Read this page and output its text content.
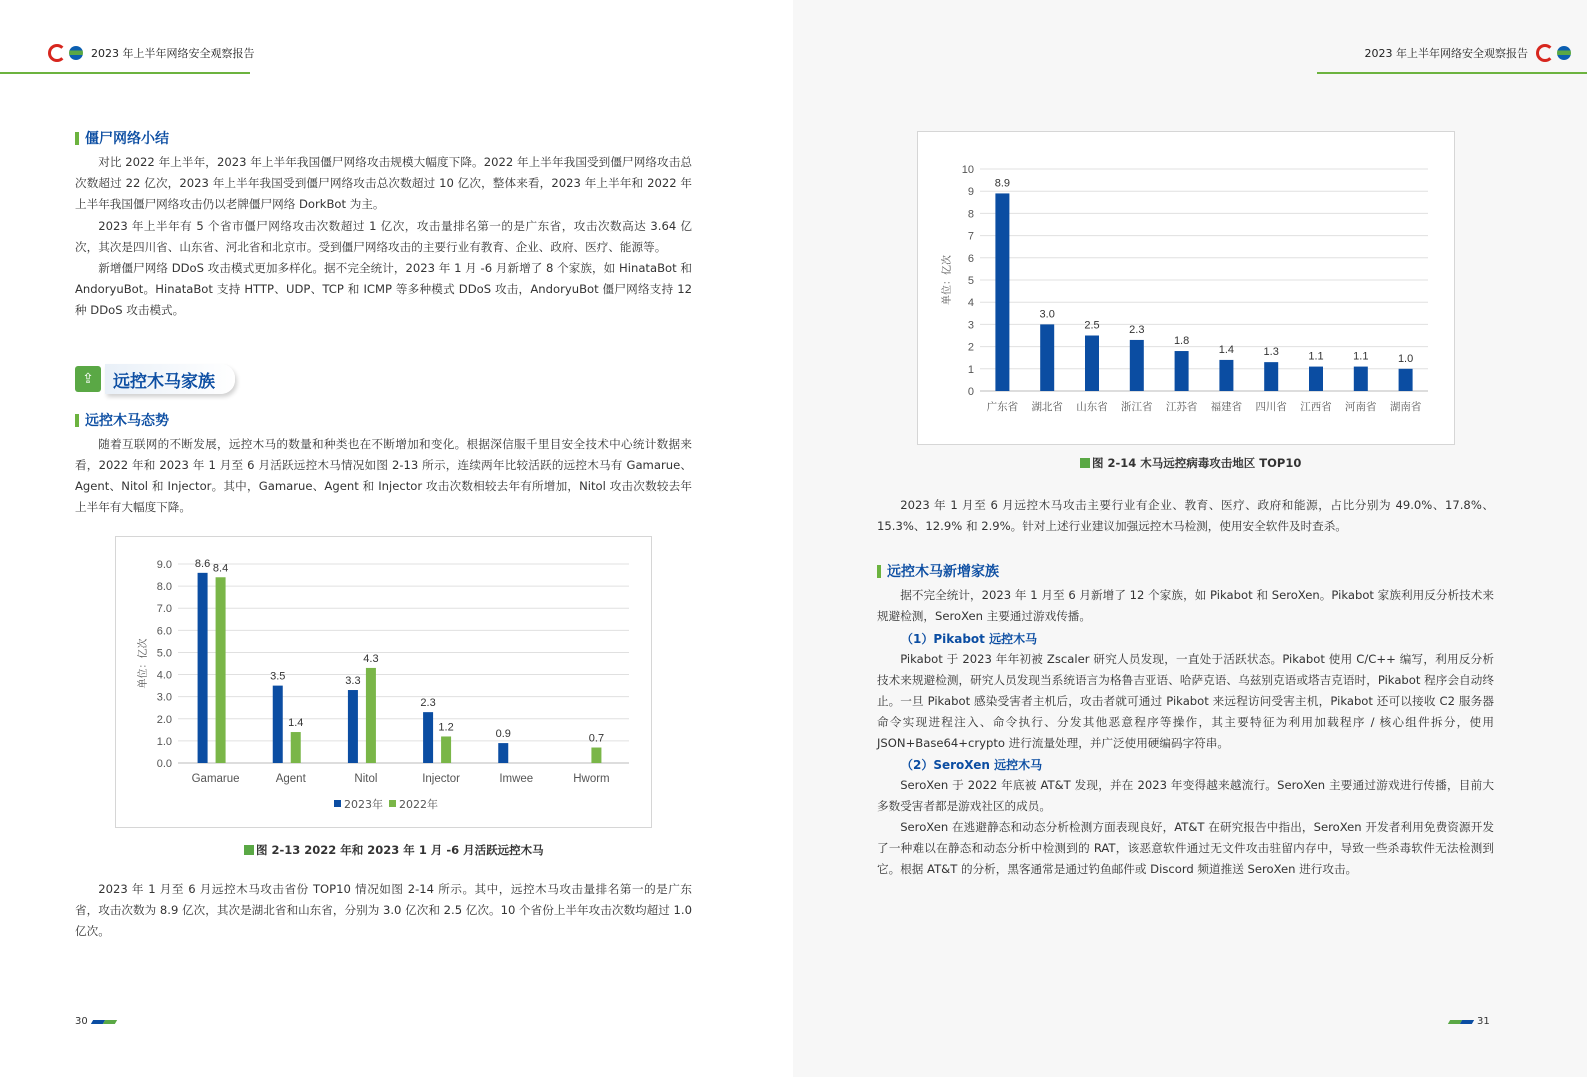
2023 年上半年网络安全观察报告
僵尸网络小结
对比 2022 年上半年，2023 年上半年我国僵尸网络攻击规模大幅度下降。2022 年上半年我国受到僵尸网络攻击总次数超过 22 亿次，2023 年上半年我国受到僵尸网络攻击总次数超过 10 亿次，整体来看，2023 年上半年和 2022 年上半年我国僵尸网络攻击仍以老牌僵尸网络 DorkBot 为主。
2023 年上半年有 5 个省市僵尸网络攻击次数超过 1 亿次，攻击量排名第一的是广东省，攻击次数高达 3.64 亿次，其次是四川省、山东省、河北省和北京市。受到僵尸网络攻击的主要行业有教育、企业、政府、医疗、能源等。
新增僵尸网络 DDoS 攻击模式更加多样化。据不完全统计，2023 年 1 月 -6 月新增了 8 个家族，如 HinataBot 和 AndoryuBot。HinataBot 支持 HTTP、UDP、TCP 和 ICMP 等多种模式 DDoS 攻击，AndoryuBot 僵尸网络支持 12 种 DDoS 攻击模式。
⇪	远控木马家族
远控木马态势
随着互联网的不断发展，远控木马的数量和种类也在不断增加和变化。根据深信服千里目安全技术中心统计数据来看，2022 年和 2023 年 1 月至 6 月活跃远控木马情况如图 2-13 所示，连续两年比较活跃的远控木马有 Gamarue、Agent、Nitol 和 Injector。其中，Gamarue、Agent 和 Injector 攻击次数相较去年有所增加，Nitol 攻击次数较去年上半年有大幅度下降。
0.0
1.0
2.0
3.0
4.0
5.0
6.0
7.0
8.0
9.0
单位：亿次
Gamarue
8.6 8.4
Agent
3.5
1.4
Nitol
3.3
4.3
Injector
2.3
1.2
Imwee
0.9
Hworm
0.7
2023年 2022年
图 2-13 2022 年和 2023 年 1 月 -6 月活跃远控木马
2023 年 1 月至 6 月远控木马攻击省份 TOP10 情况如图 2-14 所示。其中，远控木马攻击量排名第一的是广东省，攻击次数为 8.9 亿次，其次是湖北省和山东省，分别为 3.0 亿次和 2.5 亿次。10 个省份上半年攻击次数均超过 1.0 亿次。
30
2023 年上半年网络安全观察报告
0
1
2
3
4
5
6
7
8
9
10
单位：亿次
8.9
广东省
3.0
湖北省
2.5
山东省
2.3
浙江省
1.8
江苏省
1.4
福建省
1.3
四川省
1.1
江西省
1.1
河南省
1.0
湖南省
图 2-14 木马远控病毒攻击地区 TOP10
2023 年 1 月至 6 月远控木马攻击主要行业有企业、教育、医疗、政府和能源，占比分别为 49.0%、17.8%、15.3%、12.9% 和 2.9%。针对上述行业建议加强远控木马检测，使用安全软件及时查杀。
远控木马新增家族
据不完全统计，2023 年 1 月至 6 月新增了 12 个家族，如 Pikabot 和 SeroXen。Pikabot 家族利用反分析技术来规避检测，SeroXen 主要通过游戏传播。
（1）Pikabot 远控木马
Pikabot 于 2023 年年初被 Zscaler 研究人员发现，一直处于活跃状态。Pikabot 使用 C/C++ 编写，利用反分析技术来规避检测，研究人员发现当系统语言为格鲁吉亚语、哈萨克语、乌兹别克语或塔吉克语时，Pikabot 程序会自动终止。 一旦 Pikabot 感染受害者主机后，攻击者就可通过 Pikabot 来远程访问受害主机，Pikabot 还可以接收 C2 服务器命令实现进程注入、命令执行、分发其他恶意程序等操作，其主要特征为利用加载程序 / 核心组件拆分，使用 JSON+Base64+crypto 进行流量处理，并广泛使用硬编码字符串。
（2）SeroXen 远控木马
SeroXen 于 2022 年底被 AT&T 发现，并在 2023 年变得越来越流行。SeroXen 主要通过游戏进行传播，目前大多数受害者都是游戏社区的成员。
SeroXen 在逃避静态和动态分析检测方面表现良好，AT&T 在研究报告中指出，SeroXen 开发者利用免费资源开发了一种难以在静态和动态分析中检测到的 RAT，该恶意软件通过无文件攻击驻留内存中，导致一些杀毒软件无法检测到它。根据 AT&T 的分析，黑客通常是通过钓鱼邮件或 Discord 频道推送 SeroXen 进行攻击。
31
